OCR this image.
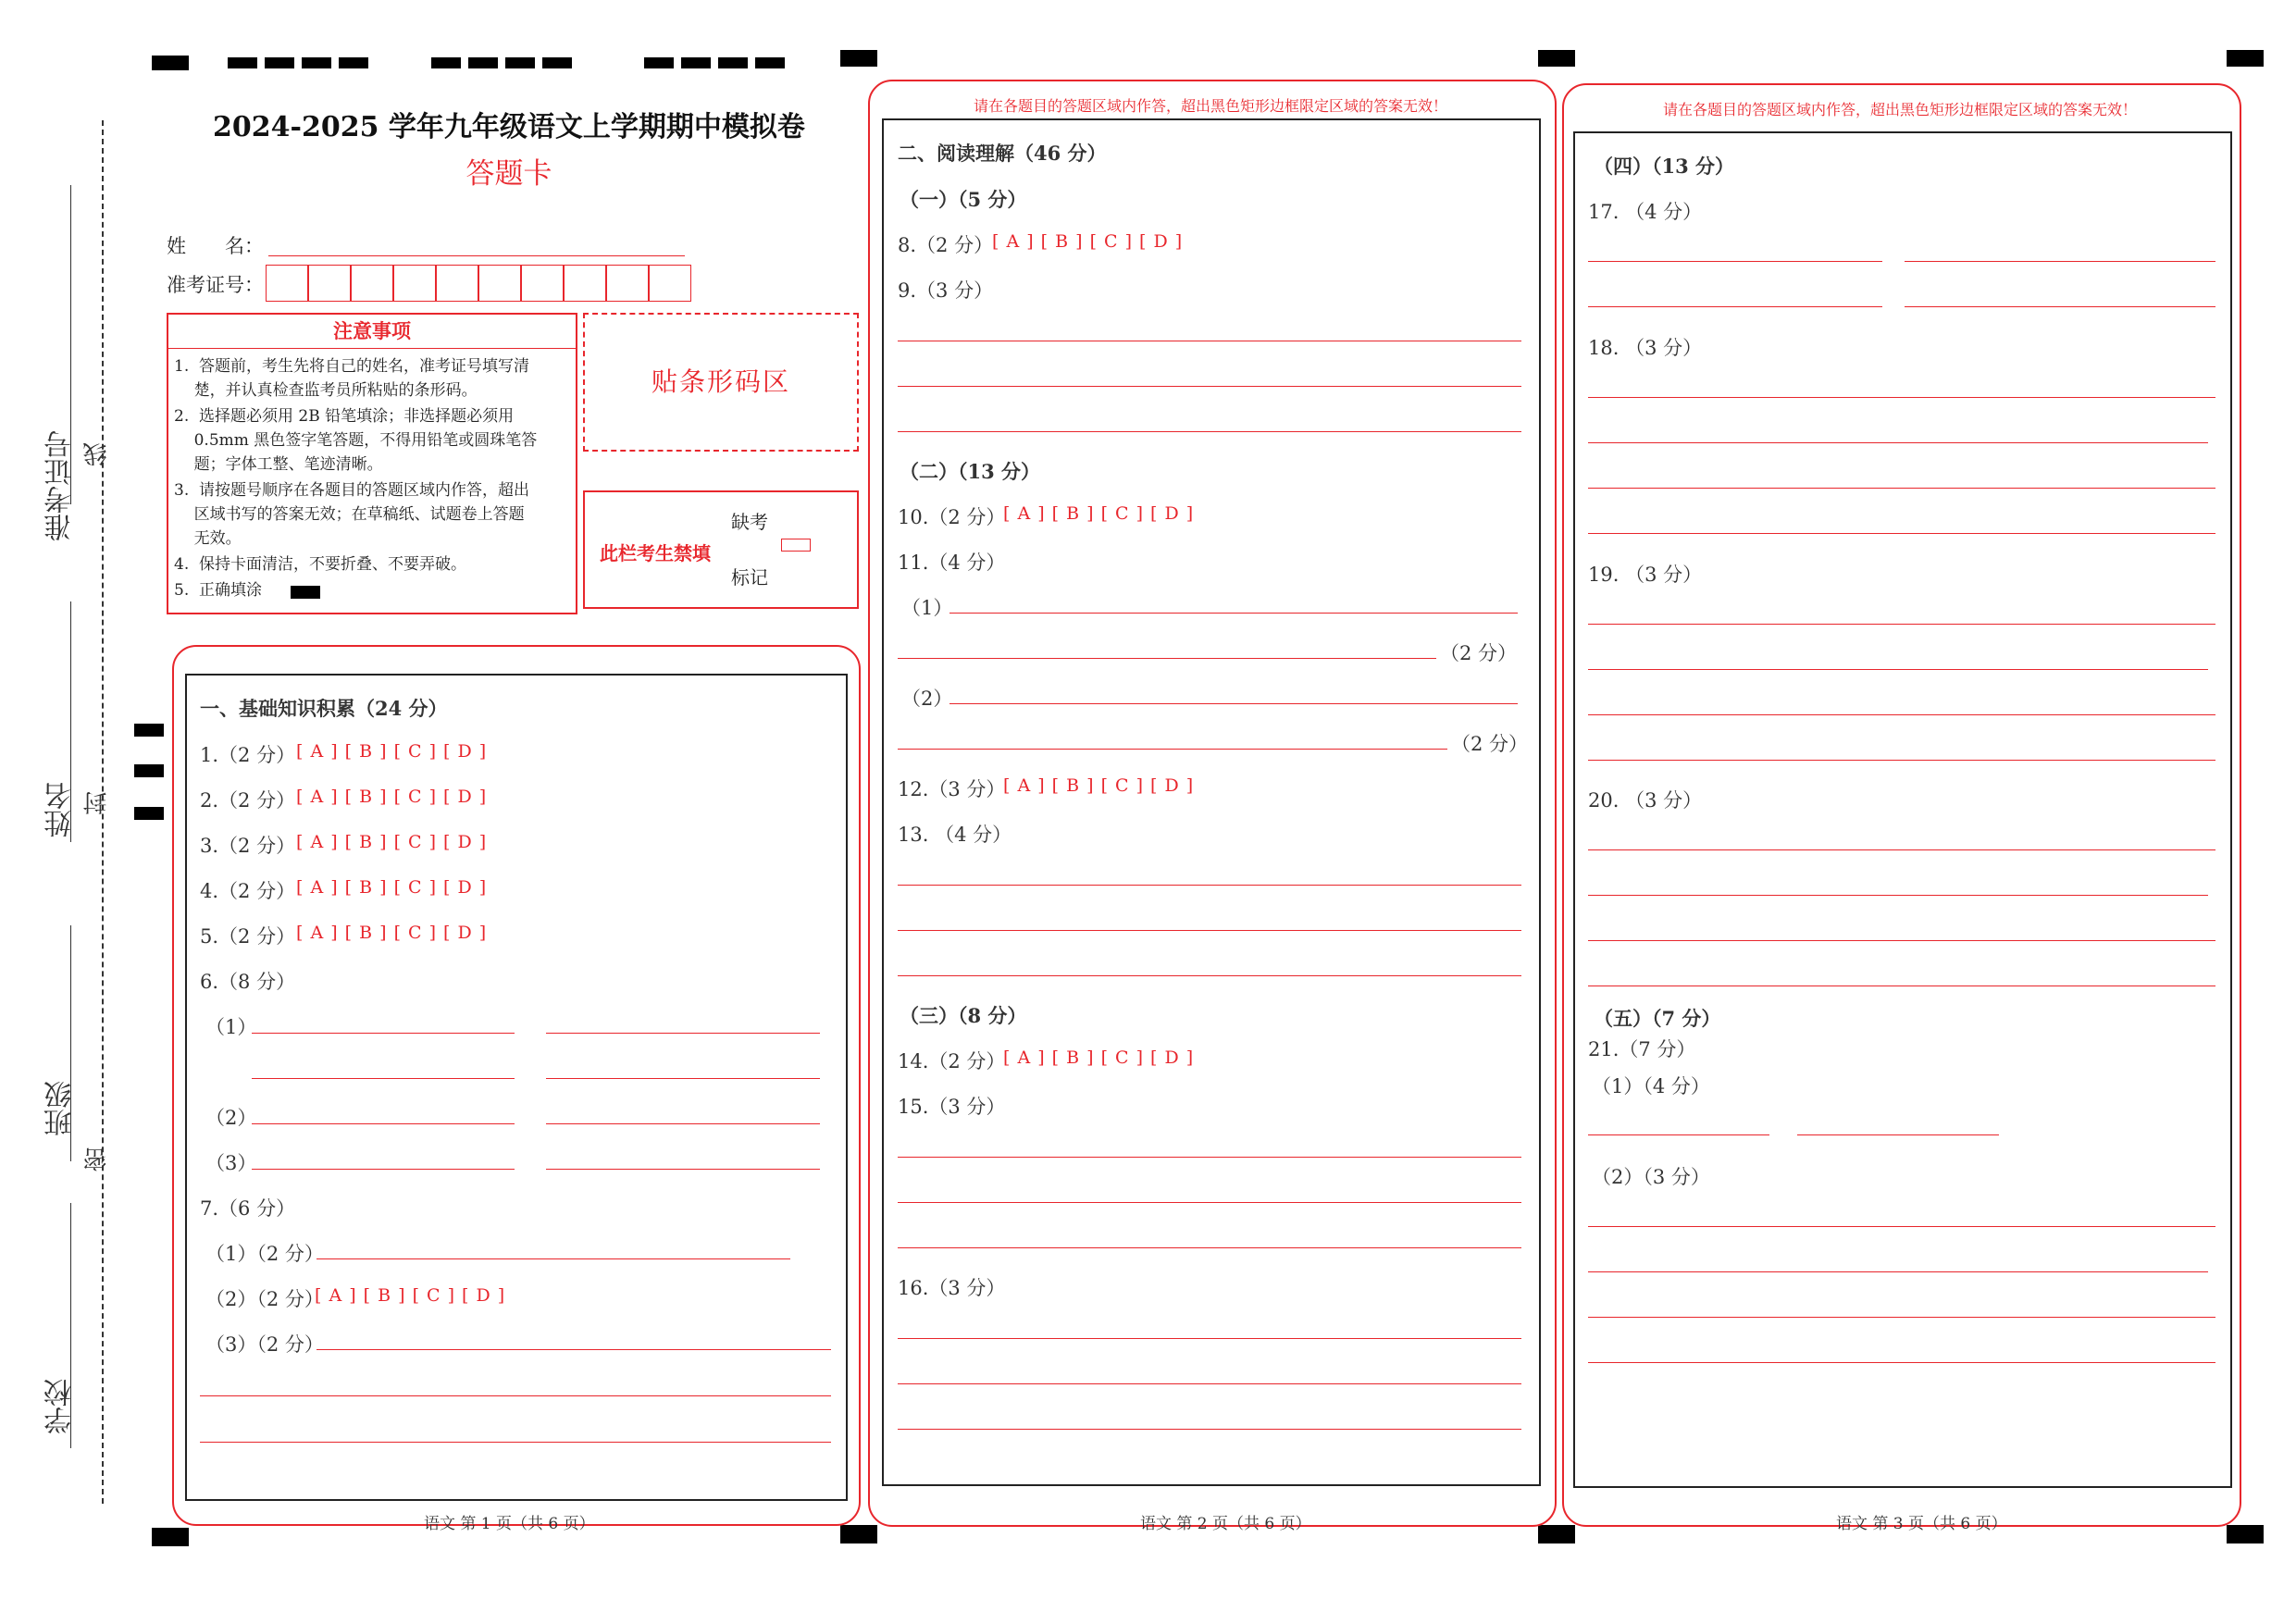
准考证号 线
姓名 封
班级
密
学校
2024-2025 学年九年级语文上学期期中模拟卷
答题卡
姓　　名：
准考证号：
注意事项
1.  答题前，考生先将自己的姓名，准考证号填写清
楚，并认真检查监考员所粘贴的条形码。
2.  选择题必须用 2B 铅笔填涂；非选择题必须用
0.5mm 黑色签字笔答题，不得用铅笔或圆珠笔答
题；字体工整、笔迹清晰。
3.  请按题号顺序在各题目的答题区域内作答，超出
区域书写的答案无效；在草稿纸、试题卷上答题
无效。
4.  保持卡面清洁，不要折叠、不要弄破。
5.  正确填涂
贴条形码区
此栏考生禁填
缺考
标记
一、基础知识积累（24 分）
1.（2 分） [ A ] [ B ] [ C ] [ D ]
2.（2 分） [ A ] [ B ] [ C ] [ D ]
3.（2 分） [ A ] [ B ] [ C ] [ D ]
4.（2 分） [ A ] [ B ] [ C ] [ D ]
5.（2 分） [ A ] [ B ] [ C ] [ D ]
6.（8 分）
（1）
（2）
（3）
7.（6 分）
（1）（2 分）
（2）（2 分）
[ A ] [ B ] [ C ] [ D ]
（3）（2 分）
语文 第 1 页（共 6 页）
请在各题目的答题区域内作答，超出黑色矩形边框限定区域的答案无效！
二、阅读理解（46 分）
（一）（5 分）
8.（2 分）
[ A ] [ B ] [ C ] [ D ]
9.（3 分）
（二）（13 分）
10.（2 分）
[ A ] [ B ] [ C ] [ D ]
11.（4 分）
（1）
（2 分）
（2）
（2 分）
12.（3 分）
[ A ] [ B ] [ C ] [ D ]
13. （4 分）
（三）（8 分）
14.（2 分）
[ A ] [ B ] [ C ] [ D ]
15.（3 分）
16.（3 分）
语文 第 2 页（共 6 页）
请在各题目的答题区域内作答，超出黑色矩形边框限定区域的答案无效！
（四）（13 分）
17. （4 分）
18. （3 分）
19. （3 分）
20. （3 分）
（五）（7 分）
21.（7 分）
（1）（4 分）
（2）（3 分）
语文 第 3 页（共 6 页）
